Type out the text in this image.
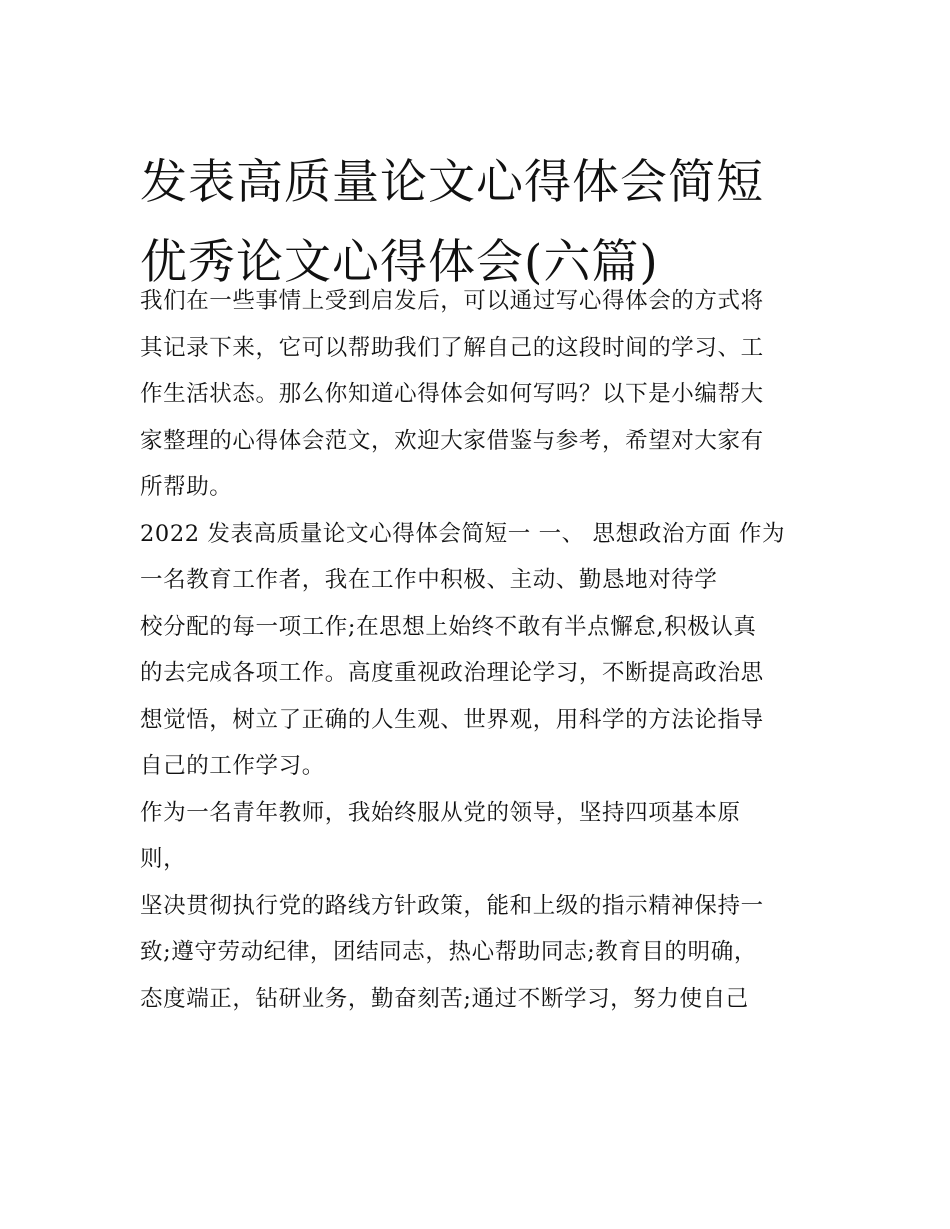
发表高质量论文心得体会简短
优秀论文心得体会(六篇)
我们在一些事情上受到启发后，可以通过写心得体会的方式将
其记录下来，它可以帮助我们了解自己的这段时间的学习、工
作生活状态。那么你知道心得体会如何写吗？以下是小编帮大
家整理的心得体会范文，欢迎大家借鉴与参考，希望对大家有
所帮助。
2022 发表高质量论文心得体会简短一 一、 思想政治方面 作为
一名教育工作者，我在工作中积极、主动、勤恳地对待学
校分配的每一项工作;在思想上始终不敢有半点懈怠,积极认真
的去完成各项工作。高度重视政治理论学习，不断提高政治思
想觉悟，树立了正确的人生观、世界观，用科学的方法论指导
自己的工作学习。
作为一名青年教师，我始终服从党的领导，坚持四项基本原
则，
坚决贯彻执行党的路线方针政策，能和上级的指示精神保持一
致;遵守劳动纪律，团结同志，热心帮助同志;教育目的明确，
态度端正，钻研业务，勤奋刻苦;通过不断学习，努力使自己
